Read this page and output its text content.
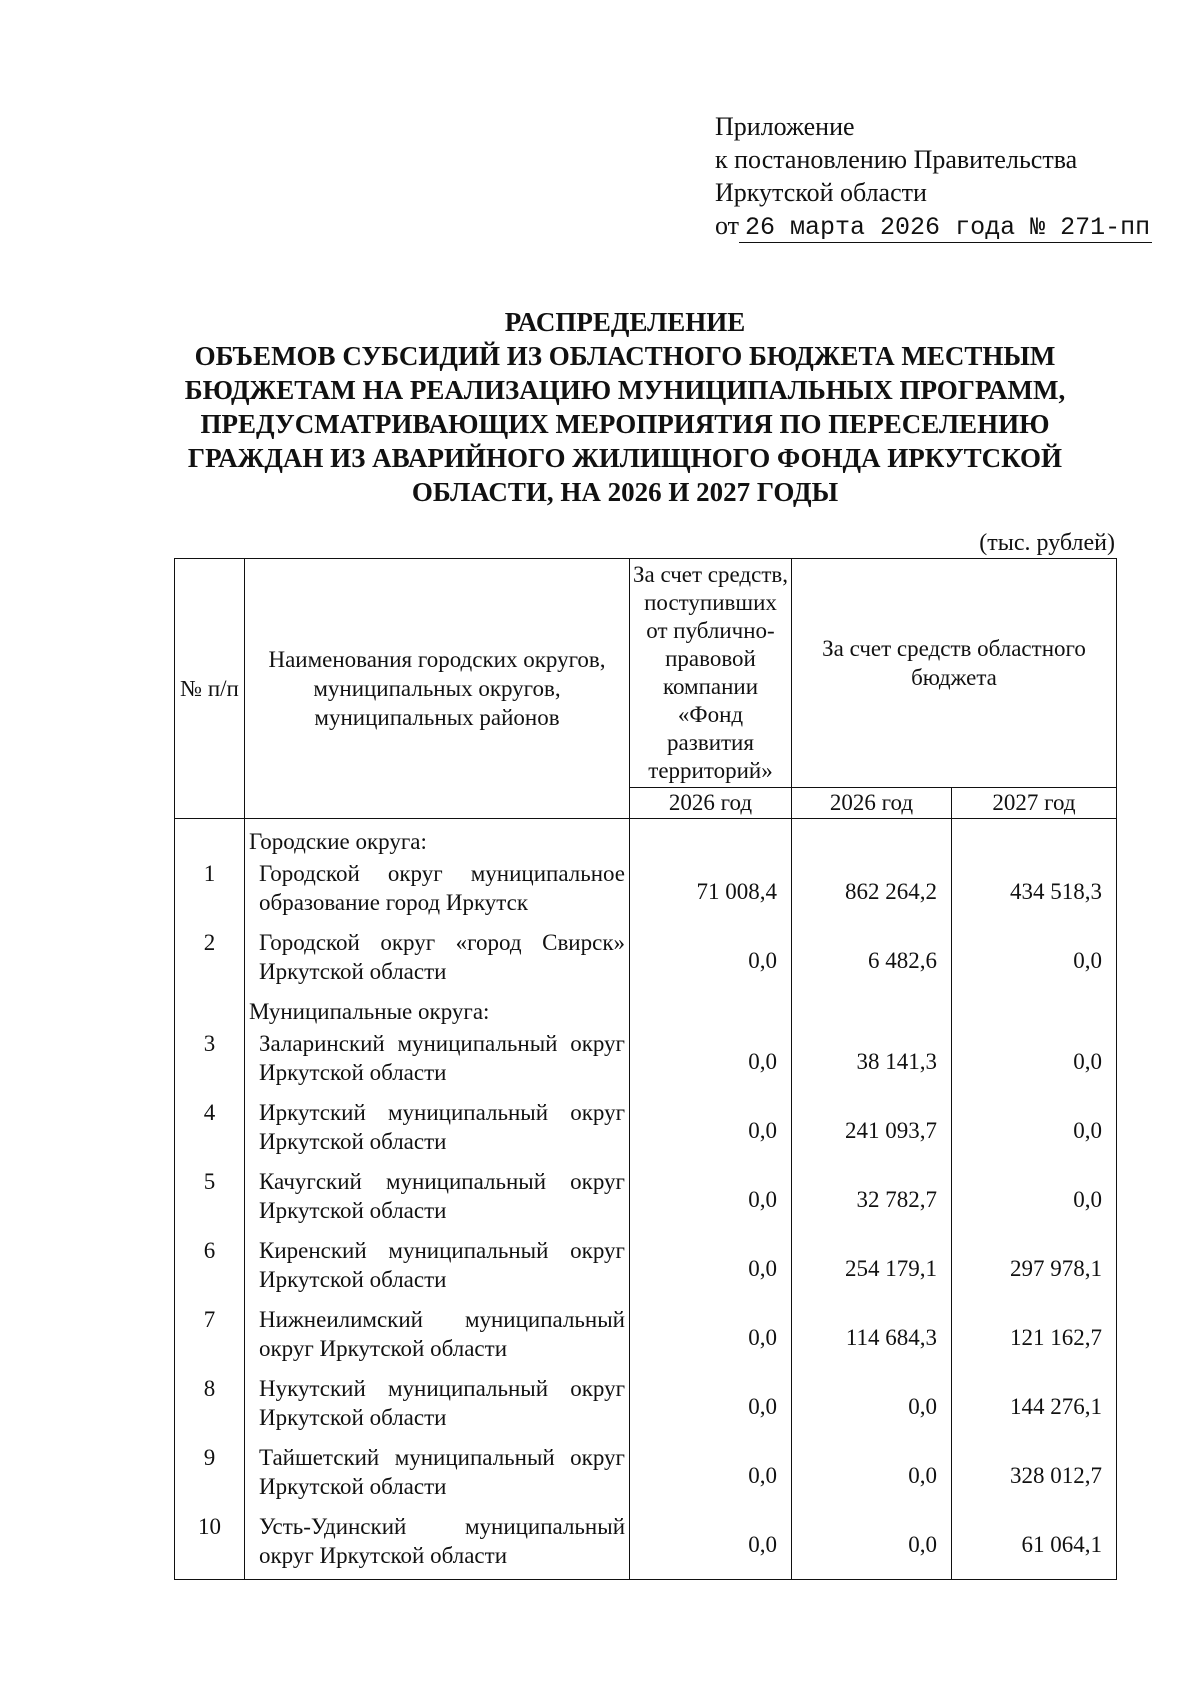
Приложение
к постановлению Правительства
Иркутской области
от 26 марта 2026 года № 271-пп
РАСПРЕДЕЛЕНИЕ
ОБЪЕМОВ СУБСИДИЙ ИЗ ОБЛАСТНОГО БЮДЖЕТА МЕСТНЫМ
БЮДЖЕТАМ НА РЕАЛИЗАЦИЮ МУНИЦИПАЛЬНЫХ ПРОГРАММ,
ПРЕДУСМАТРИВАЮЩИХ МЕРОПРИЯТИЯ ПО ПЕРЕСЕЛЕНИЮ
ГРАЖДАН ИЗ АВАРИЙНОГО ЖИЛИЩНОГО ФОНДА ИРКУТСКОЙ
ОБЛАСТИ, НА 2026 И 2027 ГОДЫ
(тыс. рублей)
№ п/п	Наименования городских округов, муниципальных округов, муниципальных районов	За счет средств, поступивших от публично-правовой компании «Фонд развития территорий»	За счет средств областного бюджета	
		2026 год	2026 год	2027 год
	Городские округа:			
1	Городской округ муниципальное образование город Иркутск	71 008,4	862 264,2	434 518,3
2	Городской округ «город Свирск» Иркутской области	0,0	6 482,6	0,0
	Муниципальные округа:			
3	Заларинский муниципальный округ Иркутской области	0,0	38 141,3	0,0
4	Иркутский муниципальный округ Иркутской области	0,0	241 093,7	0,0
5	Качугский муниципальный округ Иркутской области	0,0	32 782,7	0,0
6	Киренский муниципальный округ Иркутской области	0,0	254 179,1	297 978,1
7	Нижнеилимский муниципальный округ Иркутской области	0,0	114 684,3	121 162,7
8	Нукутский муниципальный округ Иркутской области	0,0	0,0	144 276,1
9	Тайшетский муниципальный округ Иркутской области	0,0	0,0	328 012,7
10	Усть-Удинский муниципальный округ Иркутской области	0,0	0,0	61 064,1
